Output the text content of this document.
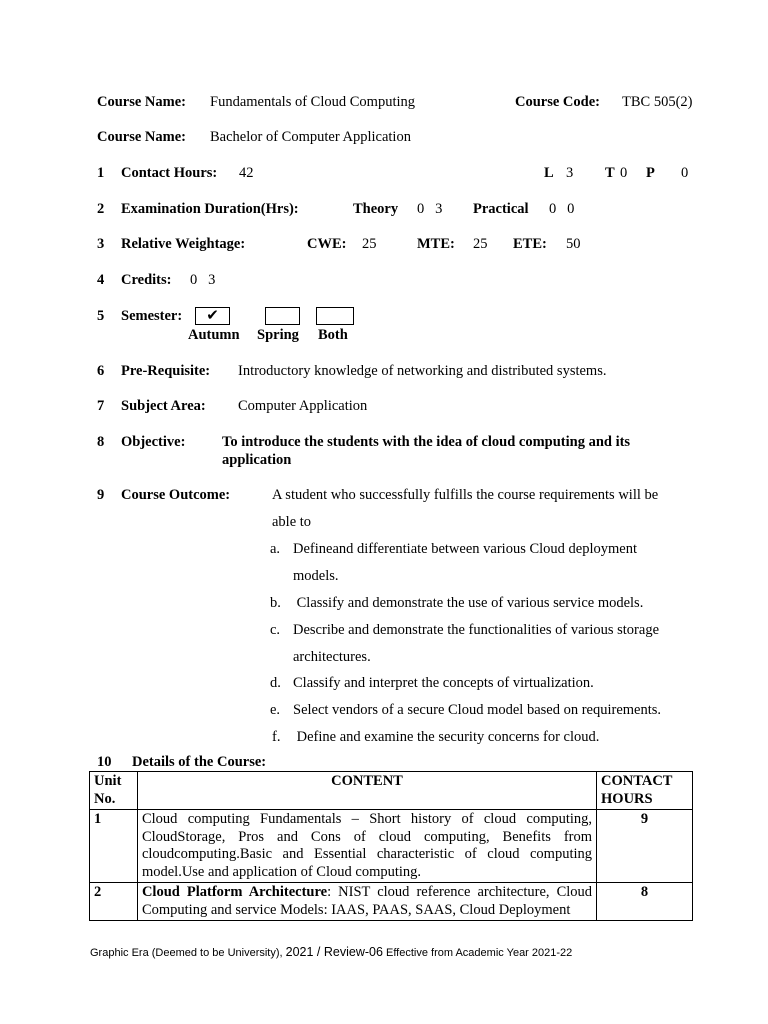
Course Name: Fundamentals of Cloud Computing	Course Code: TBC 505(2)
Course Name: Bachelor of Computer Application
1 Contact Hours: 42	L 3 T 0 P 0
2 Examination Duration(Hrs):	Theory 0   3 Practical 0   0
3 Relative Weightage:	CWE: 25	MTE: 25 ETE: 50
4 Credits: 0   3
5 Semester:	✔
Autumn Spring Both
6 Pre-Requisite: Introductory knowledge of networking and distributed systems.
7 Subject Area: Computer Application
8 Objective:	To introduce the students with the idea of cloud computing and its
application
9 Course Outcome:	A student who successfully fulfills the course requirements will be
able to
a. Defineand differentiate between various Cloud deployment
models.
b. Classify and demonstrate the use of various service models.
c. Describe and demonstrate the functionalities of various storage
architectures.
d. Classify and interpret the concepts of virtualization.
e. Select vendors of a secure Cloud model based on requirements.
f. Define and examine the security concerns for cloud.
10 Details of the Course:
Unit No.	CONTENT	CONTACT HOURS
1	Cloud computing Fundamentals – Short history of cloud computing, CloudStorage, Pros and Cons of cloud computing, Benefits from cloudcomputing.Basic and Essential characteristic of cloud computing model.Use and application of Cloud computing.	9
2	Cloud Platform Architecture: NIST cloud reference architecture, Cloud Computing and service Models: IAAS, PAAS, SAAS, Cloud Deployment	8
Graphic Era (Deemed to be University), 2021 / Review-06 Effective from Academic Year 2021-22
